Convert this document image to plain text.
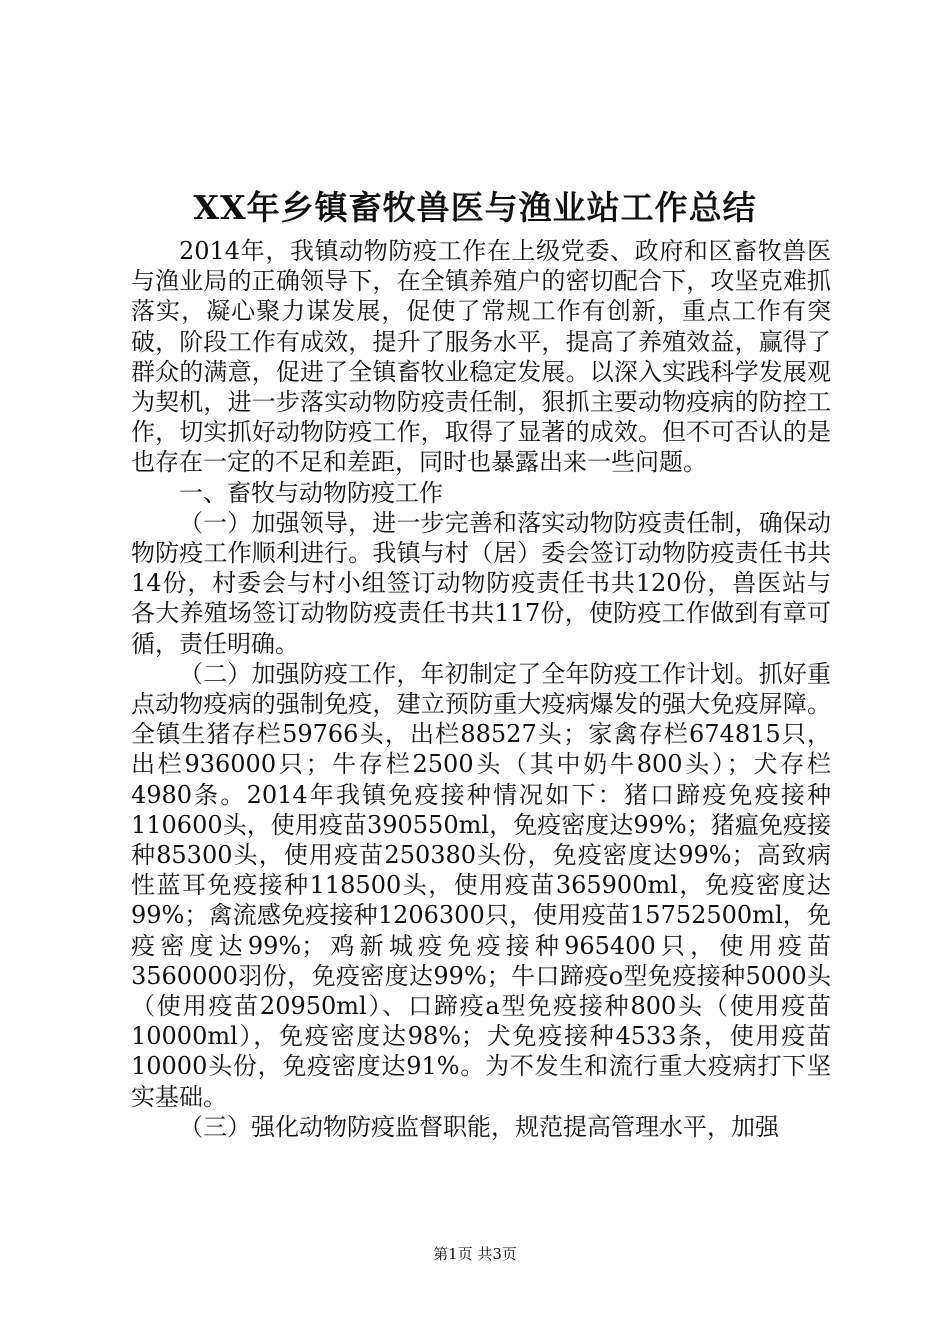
XX年乡镇畜牧兽医与渔业站工作总结

2014年，我镇动物防疫工作在上级党委、政府和区畜牧兽医与渔业局的正确领导下，在全镇养殖户的密切配合下，攻坚克难抓落实，凝心聚力谋发展，促使了常规工作有创新，重点工作有突破，阶段工作有成效，提升了服务水平，提高了养殖效益，赢得了群众的满意，促进了全镇畜牧业稳定发展。以深入实践科学发展观为契机，进一步落实动物防疫责任制，狠抓主要动物疫病的防控工作，切实抓好动物防疫工作，取得了显著的成效。但不可否认的是也存在一定的不足和差距，同时也暴露出来一些问题。

一、畜牧与动物防疫工作

（一）加强领导，进一步完善和落实动物防疫责任制，确保动物防疫工作顺利进行。我镇与村（居）委会签订动物防疫责任书共14份，村委会与村小组签订动物防疫责任书共120份，兽医站与各大养殖场签订动物防疫责任书共117份，使防疫工作做到有章可循，责任明确。

（二）加强防疫工作，年初制定了全年防疫工作计划。抓好重点动物疫病的强制免疫，建立预防重大疫病爆发的强大免疫屏障。全镇生猪存栏59766头，出栏88527头；家禽存栏674815只，出栏936000只；牛存栏2500头（其中奶牛800头）；犬存栏4980条。2014年我镇免疫接种情况如下：猪口蹄疫免疫接种110600头，使用疫苗390550ml，免疫密度达99%；猪瘟免疫接种85300头，使用疫苗250380头份，免疫密度达99%；高致病性蓝耳免疫接种118500头，使用疫苗365900ml，免疫密度达99%；禽流感免疫接种1206300只，使用疫苗15752500ml，免疫密度达99%；鸡新城疫免疫接种965400只，使用疫苗3560000羽份，免疫密度达99%；牛口蹄疫o型免疫接种5000头（使用疫苗20950ml）、口蹄疫a型免疫接种800头（使用疫苗10000ml），免疫密度达98%；犬免疫接种4533条，使用疫苗10000头份，免疫密度达91%。为不发生和流行重大疫病打下坚实基础。

（三）强化动物防疫监督职能，规范提高管理水平，加强

第1页 共3页
